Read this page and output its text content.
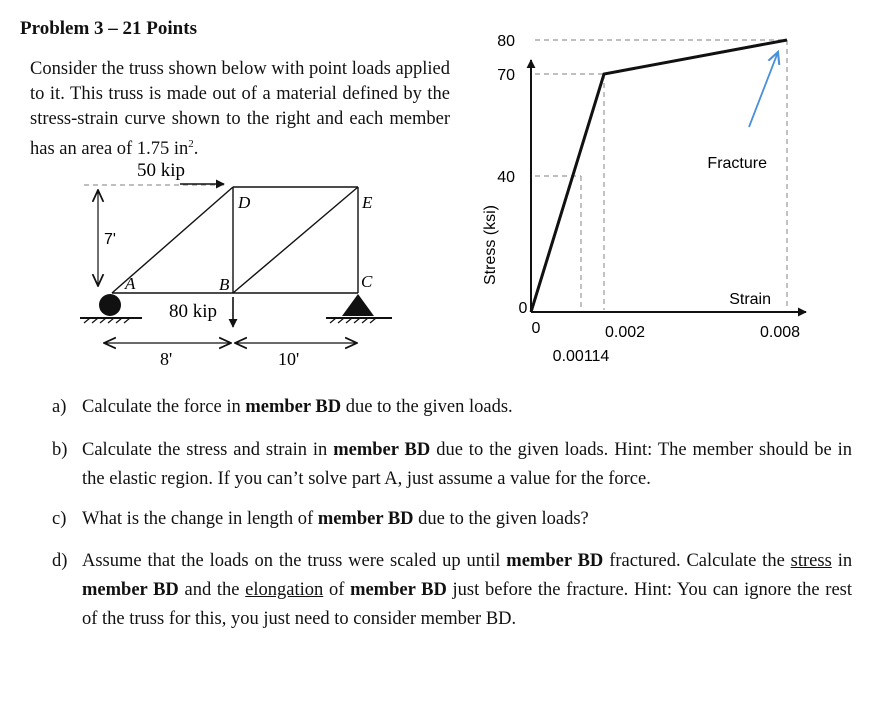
Problem 3 – 21 Points
Consider the truss shown below with point loads applied to it. This truss is made out of a material defined by the stress-strain curve shown to the right and each member has an area of 1.75 $in^2$.
7'
A	B	C
D	E
50 kip
80 kip
8'	10'
Stress (ksi)
Strain
Fracture
0
0
80
70
40
0.00114
0.002	0.008
a) Calculate the force in member BD due to the given loads.
b) Calculate the stress and strain in member BD due to the given loads. Hint: The member should be in the elastic region. If you can’t solve part A, just assume a value for the force.
c) What is the change in length of member BD due to the given loads?
d) Assume that the loads on the truss were scaled up until member BD fractured. Calculate the stress in member BD and the elongation of member BD just before the fracture. Hint: You can ignore the rest of the truss for this, you just need to consider member BD.
